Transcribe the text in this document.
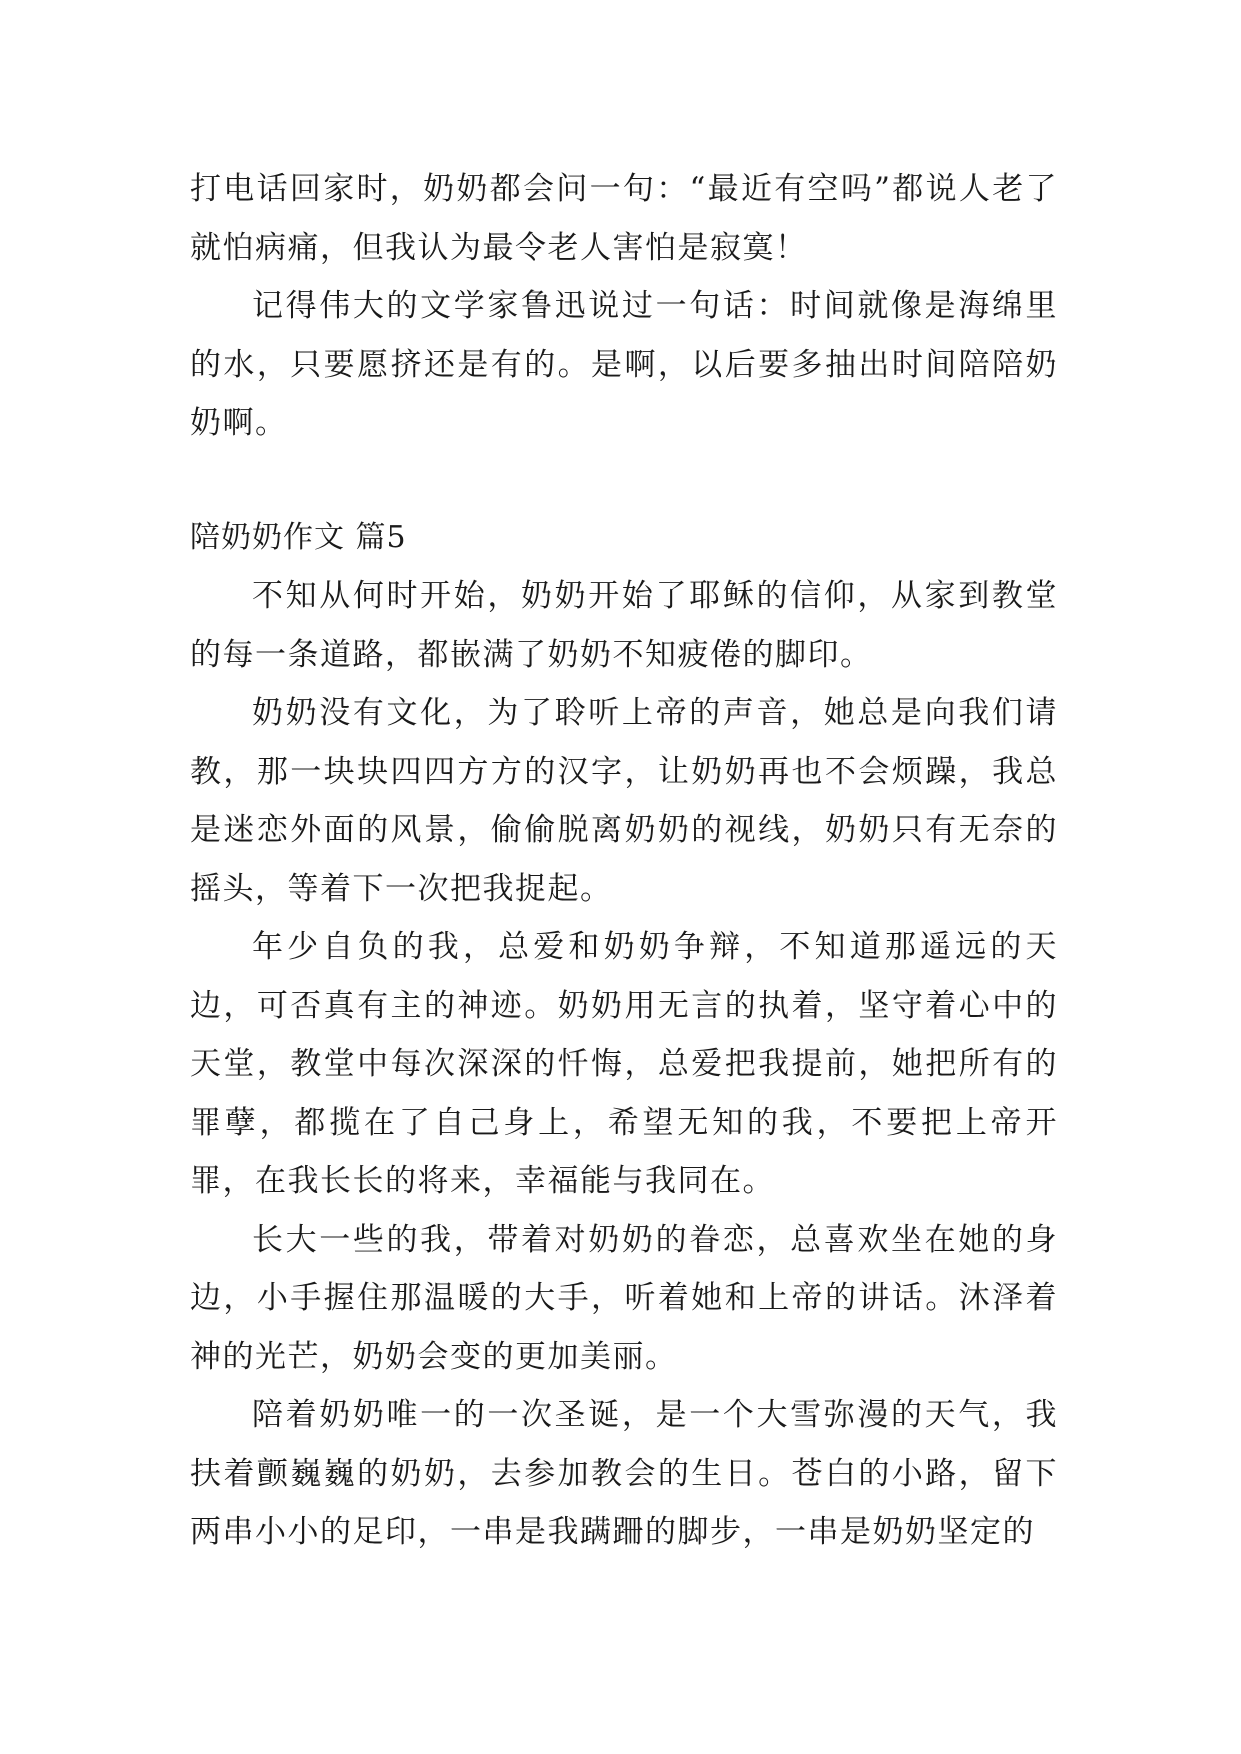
打电话回家时，奶奶都会问一句：“最近有空吗”都说人老了就怕病痛，但我认为最令老人害怕是寂寞！

记得伟大的文学家鲁迅说过一句话：时间就像是海绵里的水，只要愿挤还是有的。是啊，以后要多抽出时间陪陪奶奶啊。

陪奶奶作文 篇5

不知从何时开始，奶奶开始了耶稣的信仰，从家到教堂的每一条道路，都嵌满了奶奶不知疲倦的脚印。

奶奶没有文化，为了聆听上帝的声音，她总是向我们请教，那一块块四四方方的汉字，让奶奶再也不会烦躁，我总是迷恋外面的风景，偷偷脱离奶奶的视线，奶奶只有无奈的摇头，等着下一次把我捉起。

年少自负的我，总爱和奶奶争辩，不知道那遥远的天边，可否真有主的神迹。奶奶用无言的执着，坚守着心中的天堂，教堂中每次深深的忏悔，总爱把我提前，她把所有的罪孽，都揽在了自己身上，希望无知的我，不要把上帝开罪，在我长长的将来，幸福能与我同在。

长大一些的我，带着对奶奶的眷恋，总喜欢坐在她的身边，小手握住那温暖的大手，听着她和上帝的讲话。沐泽着神的光芒，奶奶会变的更加美丽。

陪着奶奶唯一的一次圣诞，是一个大雪弥漫的天气，我扶着颤巍巍的奶奶，去参加教会的生日。苍白的小路，留下两串小小的足印，一串是我蹒跚的脚步，一串是奶奶坚定的
